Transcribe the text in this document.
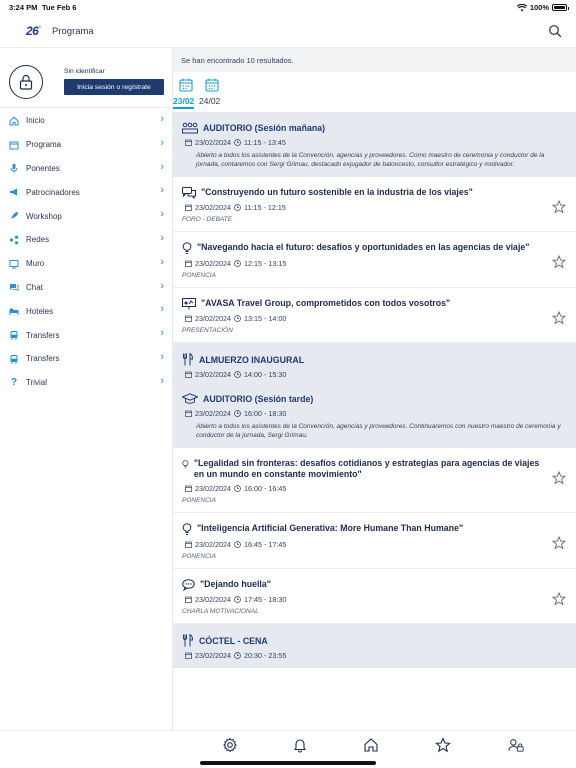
3:24 PM Tue Feb 6	100%
26° Programa
Sin identificar
Inicia sesión o regístrate
Inicio	›
Programa	›
Ponentes	›
Patrocinadores	›
Workshop	›
Redes	›
Muro	›
Chat	›
Hoteles	›
Transfers	›
Transfers	›
? Trivial	›
Se han encontrado 10 resultados.
23/02 24/02
AUDITORIO (Sesión mañana)
23/02/2024 11:15 - 13:45
Abierto a todos los asistentes de la Convención, agencias y proveedores. Como maestro de ceremonia y conductor de la jornada, contaremos con Sergi Grimau, destacado exjugador de baloncesto, consultor estratégico y motivador.
"Construyendo un futuro sostenible en la industria de los viajes"
23/02/2024 11:15 - 12:15
FORO - DEBATE
"Navegando hacia el futuro: desafíos y oportunidades en las agencias de viaje"
23/02/2024 12:15 - 13:15
PONENCIA
"AVASA Travel Group, comprometidos con todos vosotros"
23/02/2024 13:15 - 14:00
PRESENTACIÓN
ALMUERZO INAUGURAL
23/02/2024 14:00 - 15:30
AUDITORIO (Sesión tarde)
23/02/2024 16:00 - 18:30
Abierto a todos los asistentes de la Convención, agencias y proveedores. Continuaremos con nuestro maestro de ceremonia y conductor de la jornada, Sergi Grimau.
"Legalidad sin fronteras: desafíos cotidianos y estrategias para agencias de viajes en un mundo en constante movimiento"
23/02/2024 16:00 - 16:45
PONENCIA
"Inteligencia Artificial Generativa: More Humane Than Humane"
23/02/2024 16:45 - 17:45
PONENCIA
"Dejando huella"
23/02/2024 17:45 - 18:30
CHARLA MOTIVACIONAL
CÓCTEL - CENA
23/02/2024 20:30 - 23:55
